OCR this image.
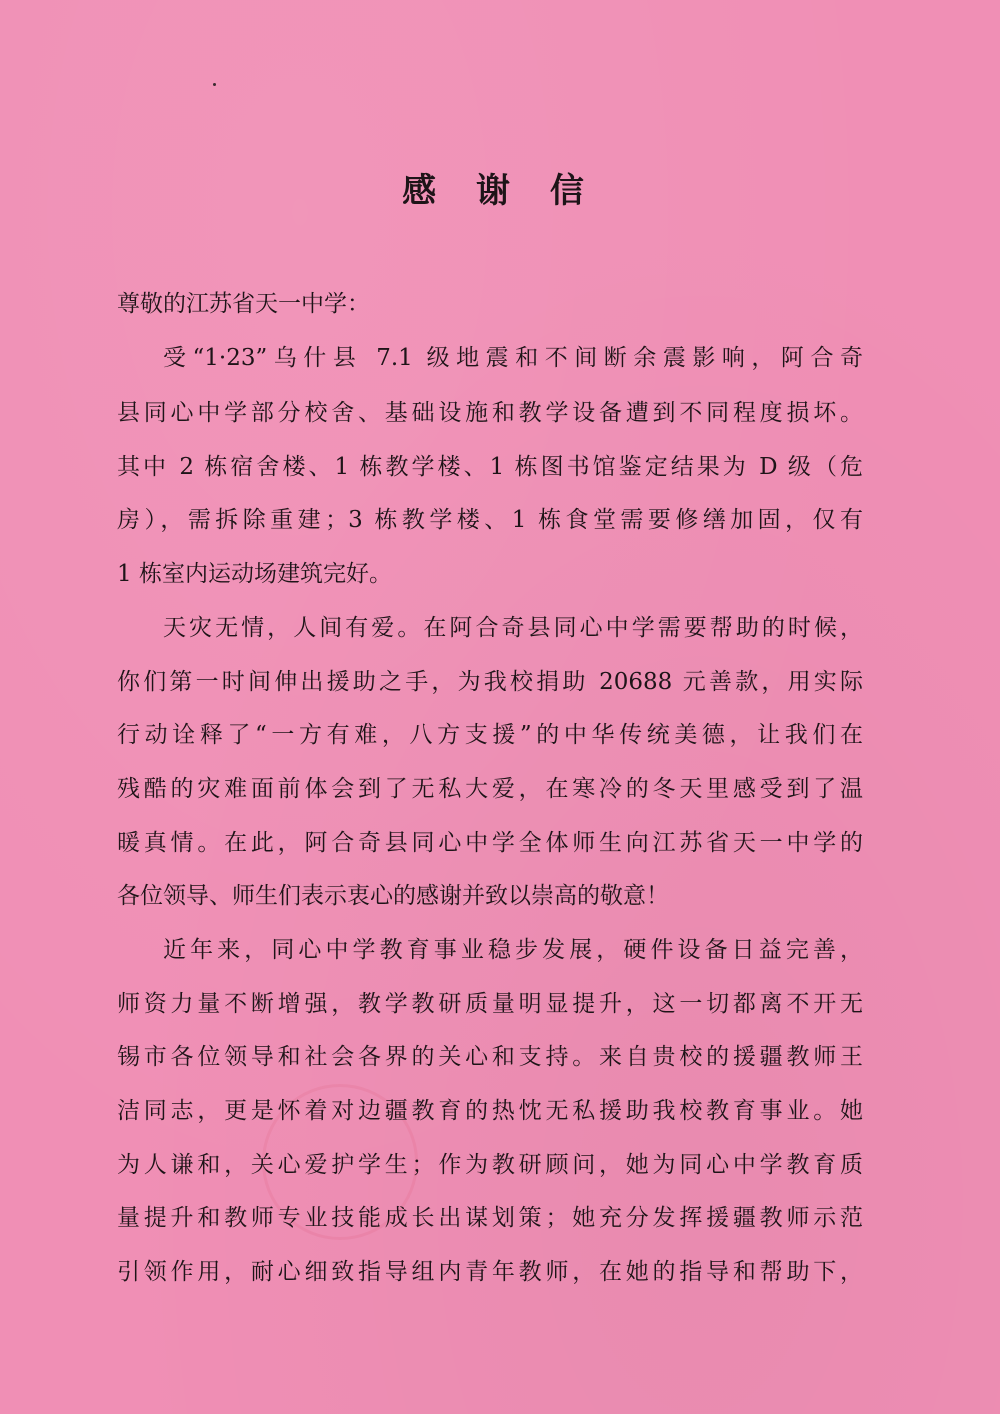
感 谢 信
尊敬的江苏省天一中学：
受“1·23”乌什县 7.1 级地震和不间断余震影响，阿合奇
县同心中学部分校舍、基础设施和教学设备遭到不同程度损坏。
其中 2 栋宿舍楼、1 栋教学楼、1 栋图书馆鉴定结果为 D 级（危
房），需拆除重建；3 栋教学楼、1 栋食堂需要修缮加固，仅有
1 栋室内运动场建筑完好。
天灾无情，人间有爱。在阿合奇县同心中学需要帮助的时候，
你们第一时间伸出援助之手，为我校捐助 20688 元善款，用实际
行动诠释了“一方有难，八方支援”的中华传统美德，让我们在
残酷的灾难面前体会到了无私大爱，在寒冷的冬天里感受到了温
暖真情。在此，阿合奇县同心中学全体师生向江苏省天一中学的
各位领导、师生们表示衷心的感谢并致以崇高的敬意！
近年来，同心中学教育事业稳步发展，硬件设备日益完善，
师资力量不断增强，教学教研质量明显提升，这一切都离不开无
锡市各位领导和社会各界的关心和支持。来自贵校的援疆教师王
洁同志，更是怀着对边疆教育的热忱无私援助我校教育事业。她
为人谦和，关心爱护学生；作为教研顾问，她为同心中学教育质
量提升和教师专业技能成长出谋划策；她充分发挥援疆教师示范
引领作用，耐心细致指导组内青年教师，在她的指导和帮助下，
